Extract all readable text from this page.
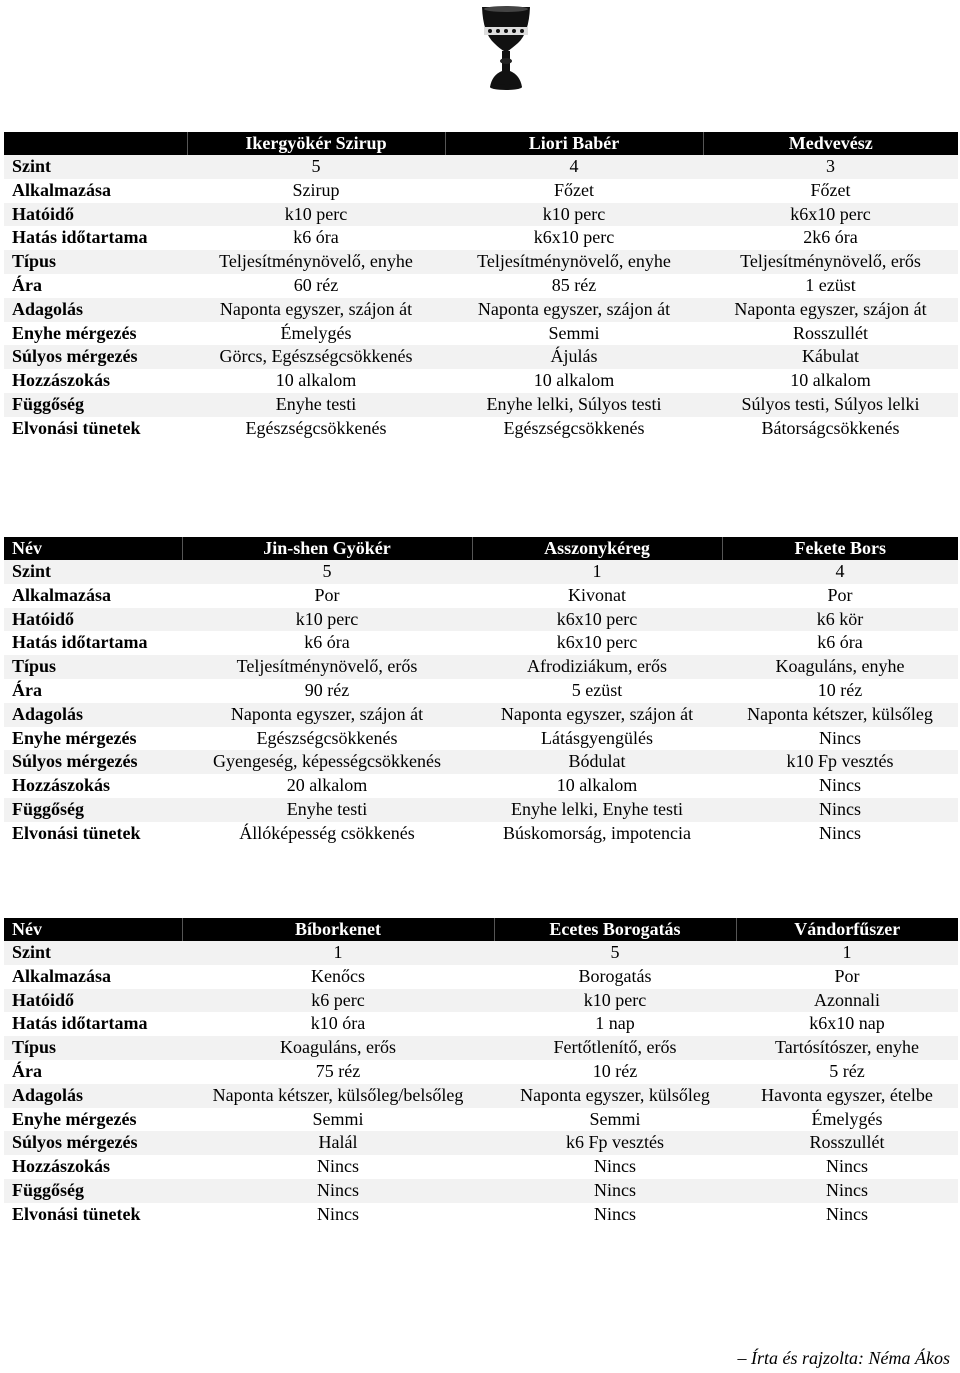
	Ikergyökér Szirup	Liori Babér	Medvevész
Szint	5	4	3
Alkalmazása	Szirup	Főzet	Főzet
Hatóidő	k10 perc	k10 perc	k6x10 perc
Hatás időtartama	k6 óra	k6x10 perc	2k6 óra
Típus	Teljesítménynövelő, enyhe	Teljesítménynövelő, enyhe	Teljesítménynövelő, erős
Ára	60 réz	85 réz	1 ezüst
Adagolás	Naponta egyszer, szájon át	Naponta egyszer, szájon át	Naponta egyszer, szájon át
Enyhe mérgezés	Émelygés	Semmi	Rosszullét
Súlyos mérgezés	Görcs, Egészségcsökkenés	Ájulás	Kábulat
Hozzászokás	10 alkalom	10 alkalom	10 alkalom
Függőség	Enyhe testi	Enyhe lelki, Súlyos testi	Súlyos testi, Súlyos lelki
Elvonási tünetek	Egészségcsökkenés	Egészségcsökkenés	Bátorságcsökkenés
Név	Jin-shen Gyökér	Asszonykéreg	Fekete Bors
Szint	5	1	4
Alkalmazása	Por	Kivonat	Por
Hatóidő	k10 perc	k6x10 perc	k6 kör
Hatás időtartama	k6 óra	k6x10 perc	k6 óra
Típus	Teljesítménynövelő, erős	Afrodiziákum, erős	Koaguláns, enyhe
Ára	90 réz	5 ezüst	10 réz
Adagolás	Naponta egyszer, szájon át	Naponta egyszer, szájon át	Naponta kétszer, külsőleg
Enyhe mérgezés	Egészségcsökkenés	Látásgyengülés	Nincs
Súlyos mérgezés	Gyengeség, képességcsökkenés	Bódulat	k10 Fp vesztés
Hozzászokás	20 alkalom	10 alkalom	Nincs
Függőség	Enyhe testi	Enyhe lelki, Enyhe testi	Nincs
Elvonási tünetek	Állóképesség csökkenés	Búskomorság, impotencia	Nincs
Név	Bíborkenet	Ecetes Borogatás	Vándorfűszer
Szint	1	5	1
Alkalmazása	Kenőcs	Borogatás	Por
Hatóidő	k6 perc	k10 perc	Azonnali
Hatás időtartama	k10 óra	1 nap	k6x10 nap
Típus	Koaguláns, erős	Fertőtlenítő, erős	Tartósítószer, enyhe
Ára	75 réz	10 réz	5 réz
Adagolás	Naponta kétszer, külsőleg/belsőleg	Naponta egyszer, külsőleg	Havonta egyszer, ételbe
Enyhe mérgezés	Semmi	Semmi	Émelygés
Súlyos mérgezés	Halál	k6 Fp vesztés	Rosszullét
Hozzászokás	Nincs	Nincs	Nincs
Függőség	Nincs	Nincs	Nincs
Elvonási tünetek	Nincs	Nincs	Nincs
– Írta és rajzolta: Néma Ákos
